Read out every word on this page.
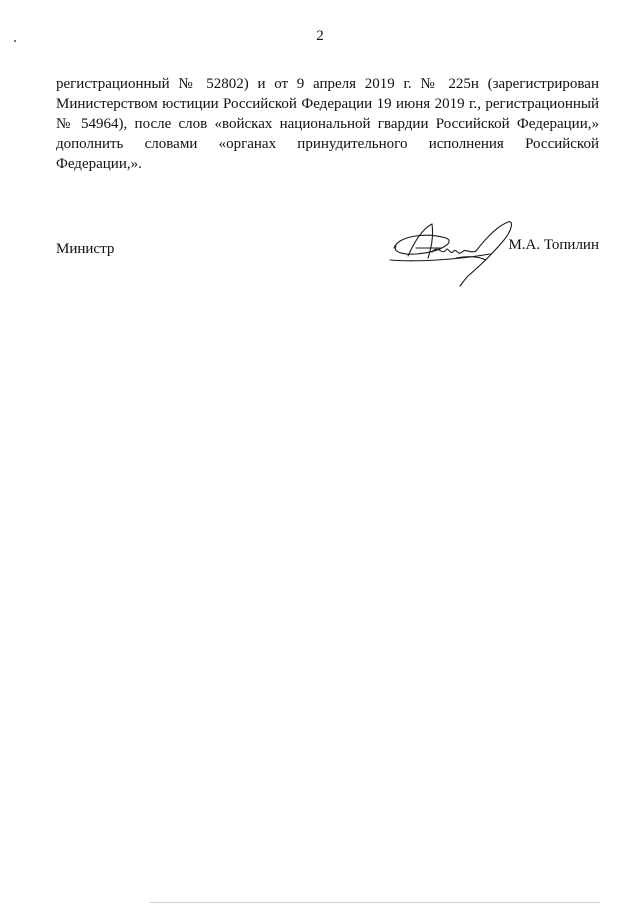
2

регистрационный № 52802) и от 9 апреля 2019 г. № 225н (зарегистрирован Министерством юстиции Российской Федерации 19 июня 2019 г., регистрационный № 54964), после слов «войсках национальной гвардии Российской Федерации,» дополнить словами «органах принудительного исполнения Российской Федерации,».

Министр	М.А. Топилин
